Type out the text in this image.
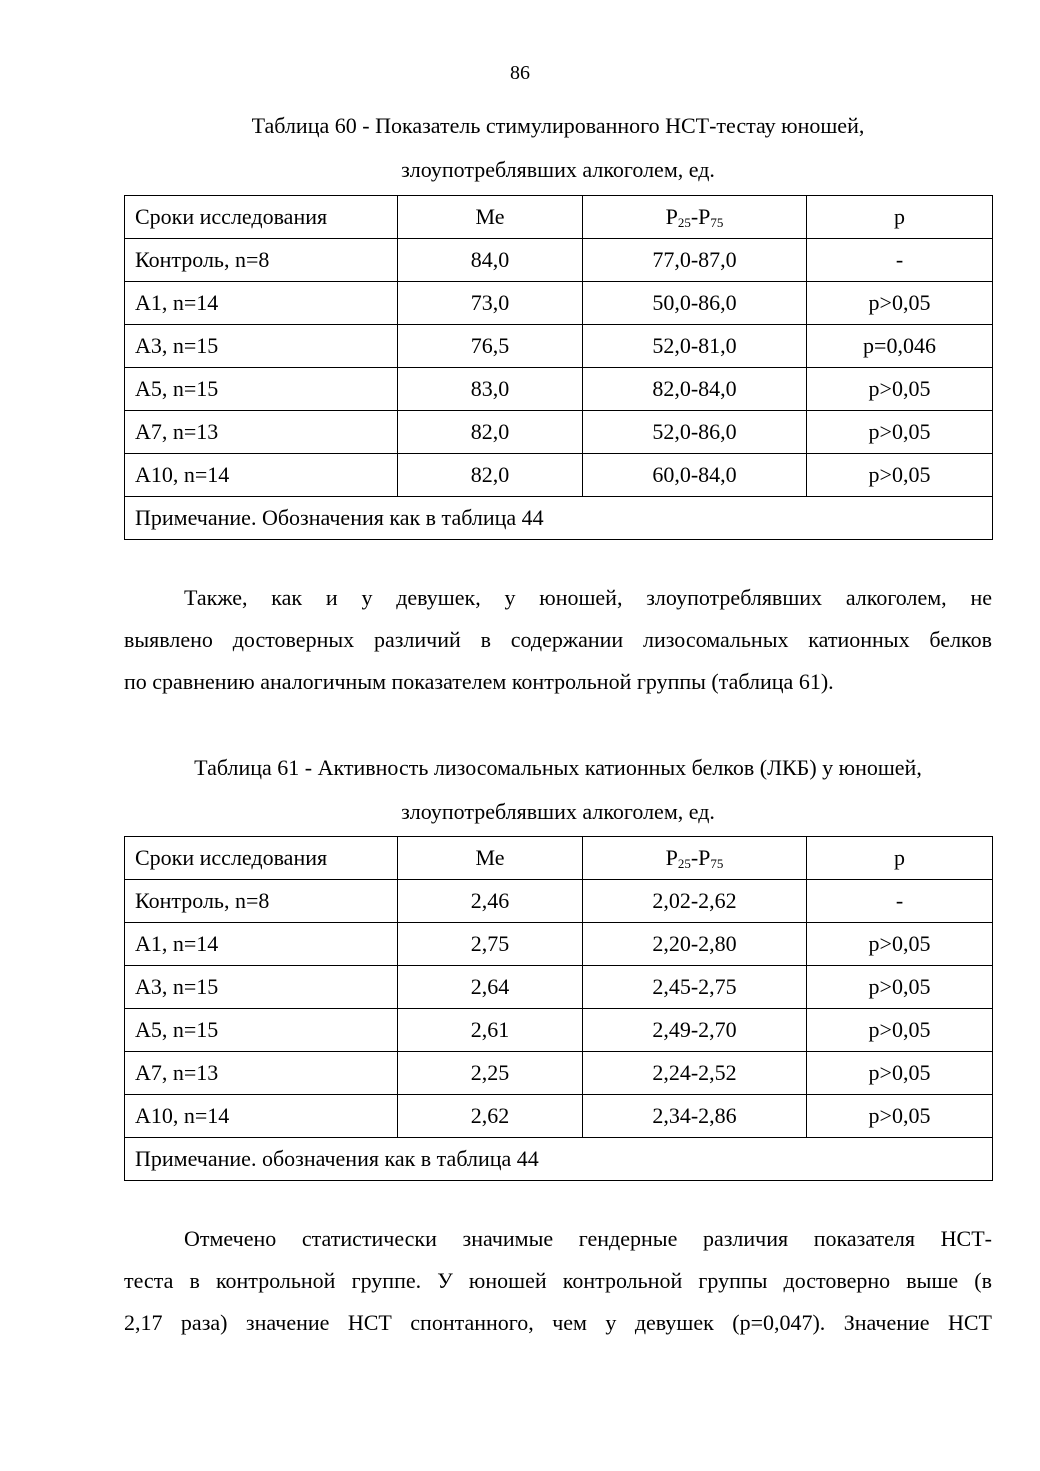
86
Таблица 60 - Показатель стимулированного НСТ-тестау юношей,
злоупотреблявших алкоголем, ед.
Сроки исследования	Ме	$P_{25}-P_{75}$	p
Контроль, n=8	84,0	77,0-87,0	-
А1, n=14	73,0	50,0-86,0	p>0,05
А3, n=15	76,5	52,0-81,0	p=0,046
А5, n=15	83,0	82,0-84,0	p>0,05
А7, n=13	82,0	52,0-86,0	p>0,05
А10, n=14	82,0	60,0-84,0	p>0,05
Примечание. Обозначения как в таблица 44			
Также, как и у девушек, у юношей, злоупотреблявших алкоголем, не
выявлено достоверных различий в содержании лизосомальных катионных белков
по сравнению аналогичным показателем контрольной группы (таблица 61).
Таблица 61 - Активность лизосомальных катионных белков (ЛКБ) у юношей,
злоупотреблявших алкоголем, ед.
Сроки исследования	Ме	$P_{25}-P_{75}$	p
Контроль, n=8	2,46	2,02-2,62	-
А1, n=14	2,75	2,20-2,80	p>0,05
А3, n=15	2,64	2,45-2,75	p>0,05
А5, n=15	2,61	2,49-2,70	p>0,05
А7, n=13	2,25	2,24-2,52	p>0,05
А10, n=14	2,62	2,34-2,86	p>0,05
Примечание. обозначения как в таблица 44			
Отмечено статистически значимые гендерные различия показателя НСТ-
теста в контрольной группе. У юношей контрольной группы достоверно выше (в
2,17 раза) значение НСТ спонтанного, чем у девушек (р=0,047). Значение НСТ
